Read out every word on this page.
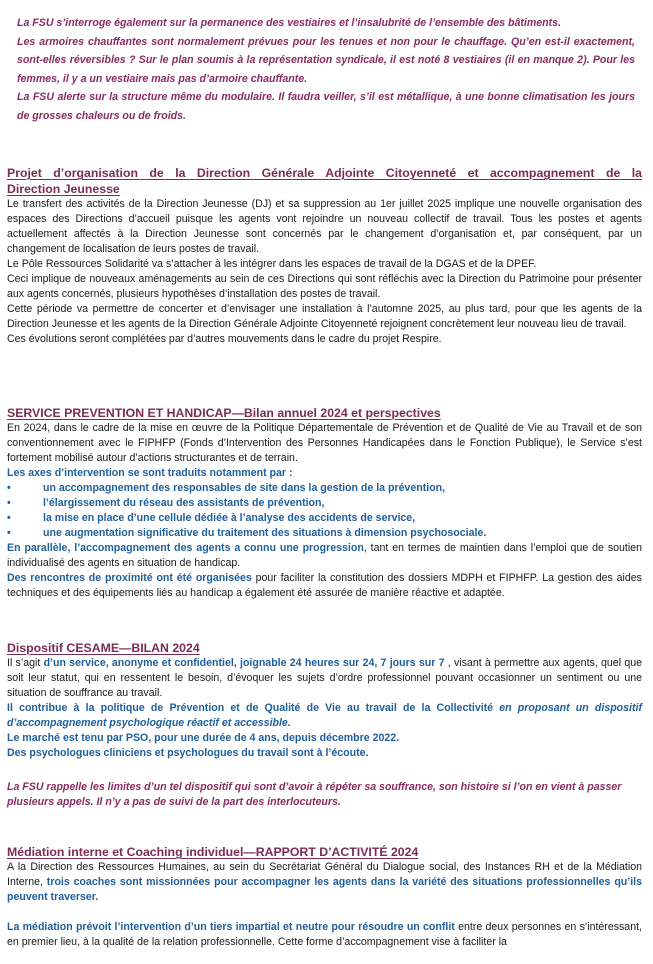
La FSU s’interroge également sur la permanence des vestiaires et l’insalubrité de l’ensemble des bâtiments.

Les armoires chauffantes sont normalement prévues pour les tenues et non pour le chauffage. Qu’en est-il exactement, sont-elles réversibles ? Sur le plan soumis à la représentation syndicale, il est noté 8 vestiaires (il en manque 2). Pour les femmes, il y a un vestiaire mais pas d’armoire chauffante.

La FSU alerte sur la structure même du modulaire. Il faudra veiller, s’il est métallique, à une bonne climatisation les jours de grosses chaleurs ou de froids.

Projet d’organisation de la Direction Générale Adjointe Citoyenneté et accompagnement de la
Direction Jeunesse

Le transfert des activités de la Direction Jeunesse (DJ) et sa suppression au 1er juillet 2025 implique une nouvelle organisation des espaces des Directions d’accueil puisque les agents vont rejoindre un nouveau collectif de travail. Tous les postes et agents actuellement affectés à la Direction Jeunesse sont concernés par le changement d’organisation et, par conséquent, par un changement de localisation de leurs postes de travail.

Le Pôle Ressources Solidarité va s’attacher à les intégrer dans les espaces de travail de la DGAS et de la DPEF.

Ceci implique de nouveaux aménagements au sein de ces Directions qui sont réfléchis avec la Direction du Patrimoine pour présenter aux agents concernés, plusieurs hypothèses d’installation des postes de travail.

Cette période va permettre de concerter et d’envisager une installation à l’automne 2025, au plus tard, pour que les agents de la Direction Jeunesse et les agents de la Direction Générale Adjointe Citoyenneté rejoignent concrètement leur nouveau lieu de travail.

Ces évolutions seront complétées par d’autres mouvements dans le cadre du projet Respire.

SERVICE PREVENTION ET HANDICAP—Bilan annuel 2024 et perspectives

En 2024, dans le cadre de la mise en œuvre de la Politique Départementale de Prévention et de Qualité de Vie au Travail et de son conventionnement avec le FIPHFP (Fonds d’Intervention des Personnes Handicapées dans le Fonction Publique), le Service s’est fortement mobilisé autour d’actions structurantes et de terrain.

Les axes d’intervention se sont traduits notamment par :

•	un accompagnement des responsables de site dans la gestion de la prévention,
•	l’élargissement du réseau des assistants de prévention,
•	la mise en place d’une cellule dédiée à l’analyse des accidents de service,
•	une augmentation significative du traitement des situations à dimension psychosociale.

En parallèle, l’accompagnement des agents a connu une progression, tant en termes de maintien dans l’emploi que de soutien individualisé des agents en situation de handicap.

Des rencontres de proximité ont été organisées pour faciliter la constitution des dossiers MDPH et FIPHFP. La gestion des aides techniques et des équipements liés au handicap a également été assurée de manière réactive et adaptée.

Dispositif CESAME—BILAN 2024

Il s’agit d’un service, anonyme et confidentiel, joignable 24 heures sur 24, 7 jours sur 7 , visant à permettre aux agents, quel que soit leur statut, qui en ressentent le besoin, d’évoquer les sujets d’ordre professionnel pouvant occasionner un sentiment ou une situation de souffrance au travail.

Il contribue à la politique de Prévention et de Qualité de Vie au travail de la Collectivité en proposant un dispositif d’accompagnement psychologique réactif et accessible.

Le marché est tenu par PSO, pour une durée de 4 ans, depuis décembre 2022.

Des psychologues cliniciens et psychologues du travail sont à l’écoute.

La FSU rappelle les limites d’un tel dispositif qui sont d’avoir à répéter sa souffrance, son histoire si l’on en vient à passer plusieurs appels. Il n’y a pas de suivi de la part des interlocuteurs.

Médiation interne et Coaching individuel—RAPPORT D’ACTIVITÉ 2024

A la Direction des Ressources Humaines, au sein du Secrétariat Général du Dialogue social, des Instances RH et de la Médiation Interne, trois coaches sont missionnées pour accompagner les agents dans la variété des situations professionnelles qu’ils peuvent traverser.

La médiation prévoit l’intervention d’un tiers impartial et neutre pour résoudre un conflit entre deux personnes en s’intéressant, en premier lieu, à la qualité de la relation professionnelle. Cette forme d’accompagnement vise à faciliter la
